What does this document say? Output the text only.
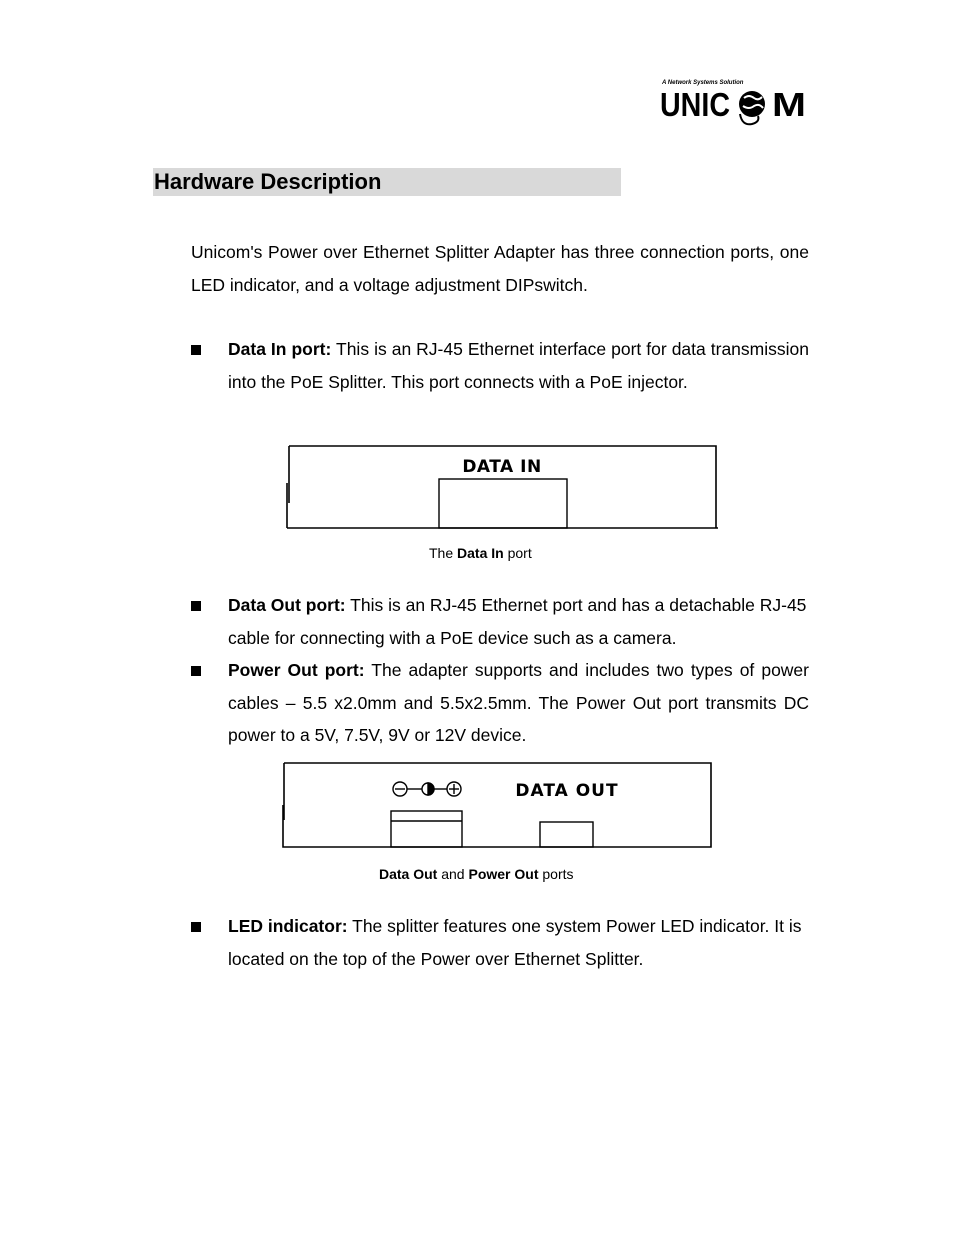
A Network Systems Solution
UNIC M
Hardware Description
Unicom's Power over Ethernet Splitter Adapter has three connection ports, one LED indicator, and a voltage adjustment DIPswitch.
Data In port: This is an RJ-45 Ethernet interface port for data transmission into the PoE Splitter. This port connects with a PoE injector.
DATA IN
The Data In port
Data Out port: This is an RJ-45 Ethernet port and has a detachable RJ-45 cable for connecting with a PoE device such as a camera.
Power Out port: The adapter supports and includes two types of power cables – 5.5 x2.0mm and 5.5x2.5mm. The Power Out port transmits DC power to a 5V, 7.5V, 9V or 12V device.
DATA OUT
Data Out and Power Out ports
LED indicator: The splitter features one system Power LED indicator. It is located on the top of the Power over Ethernet Splitter.
